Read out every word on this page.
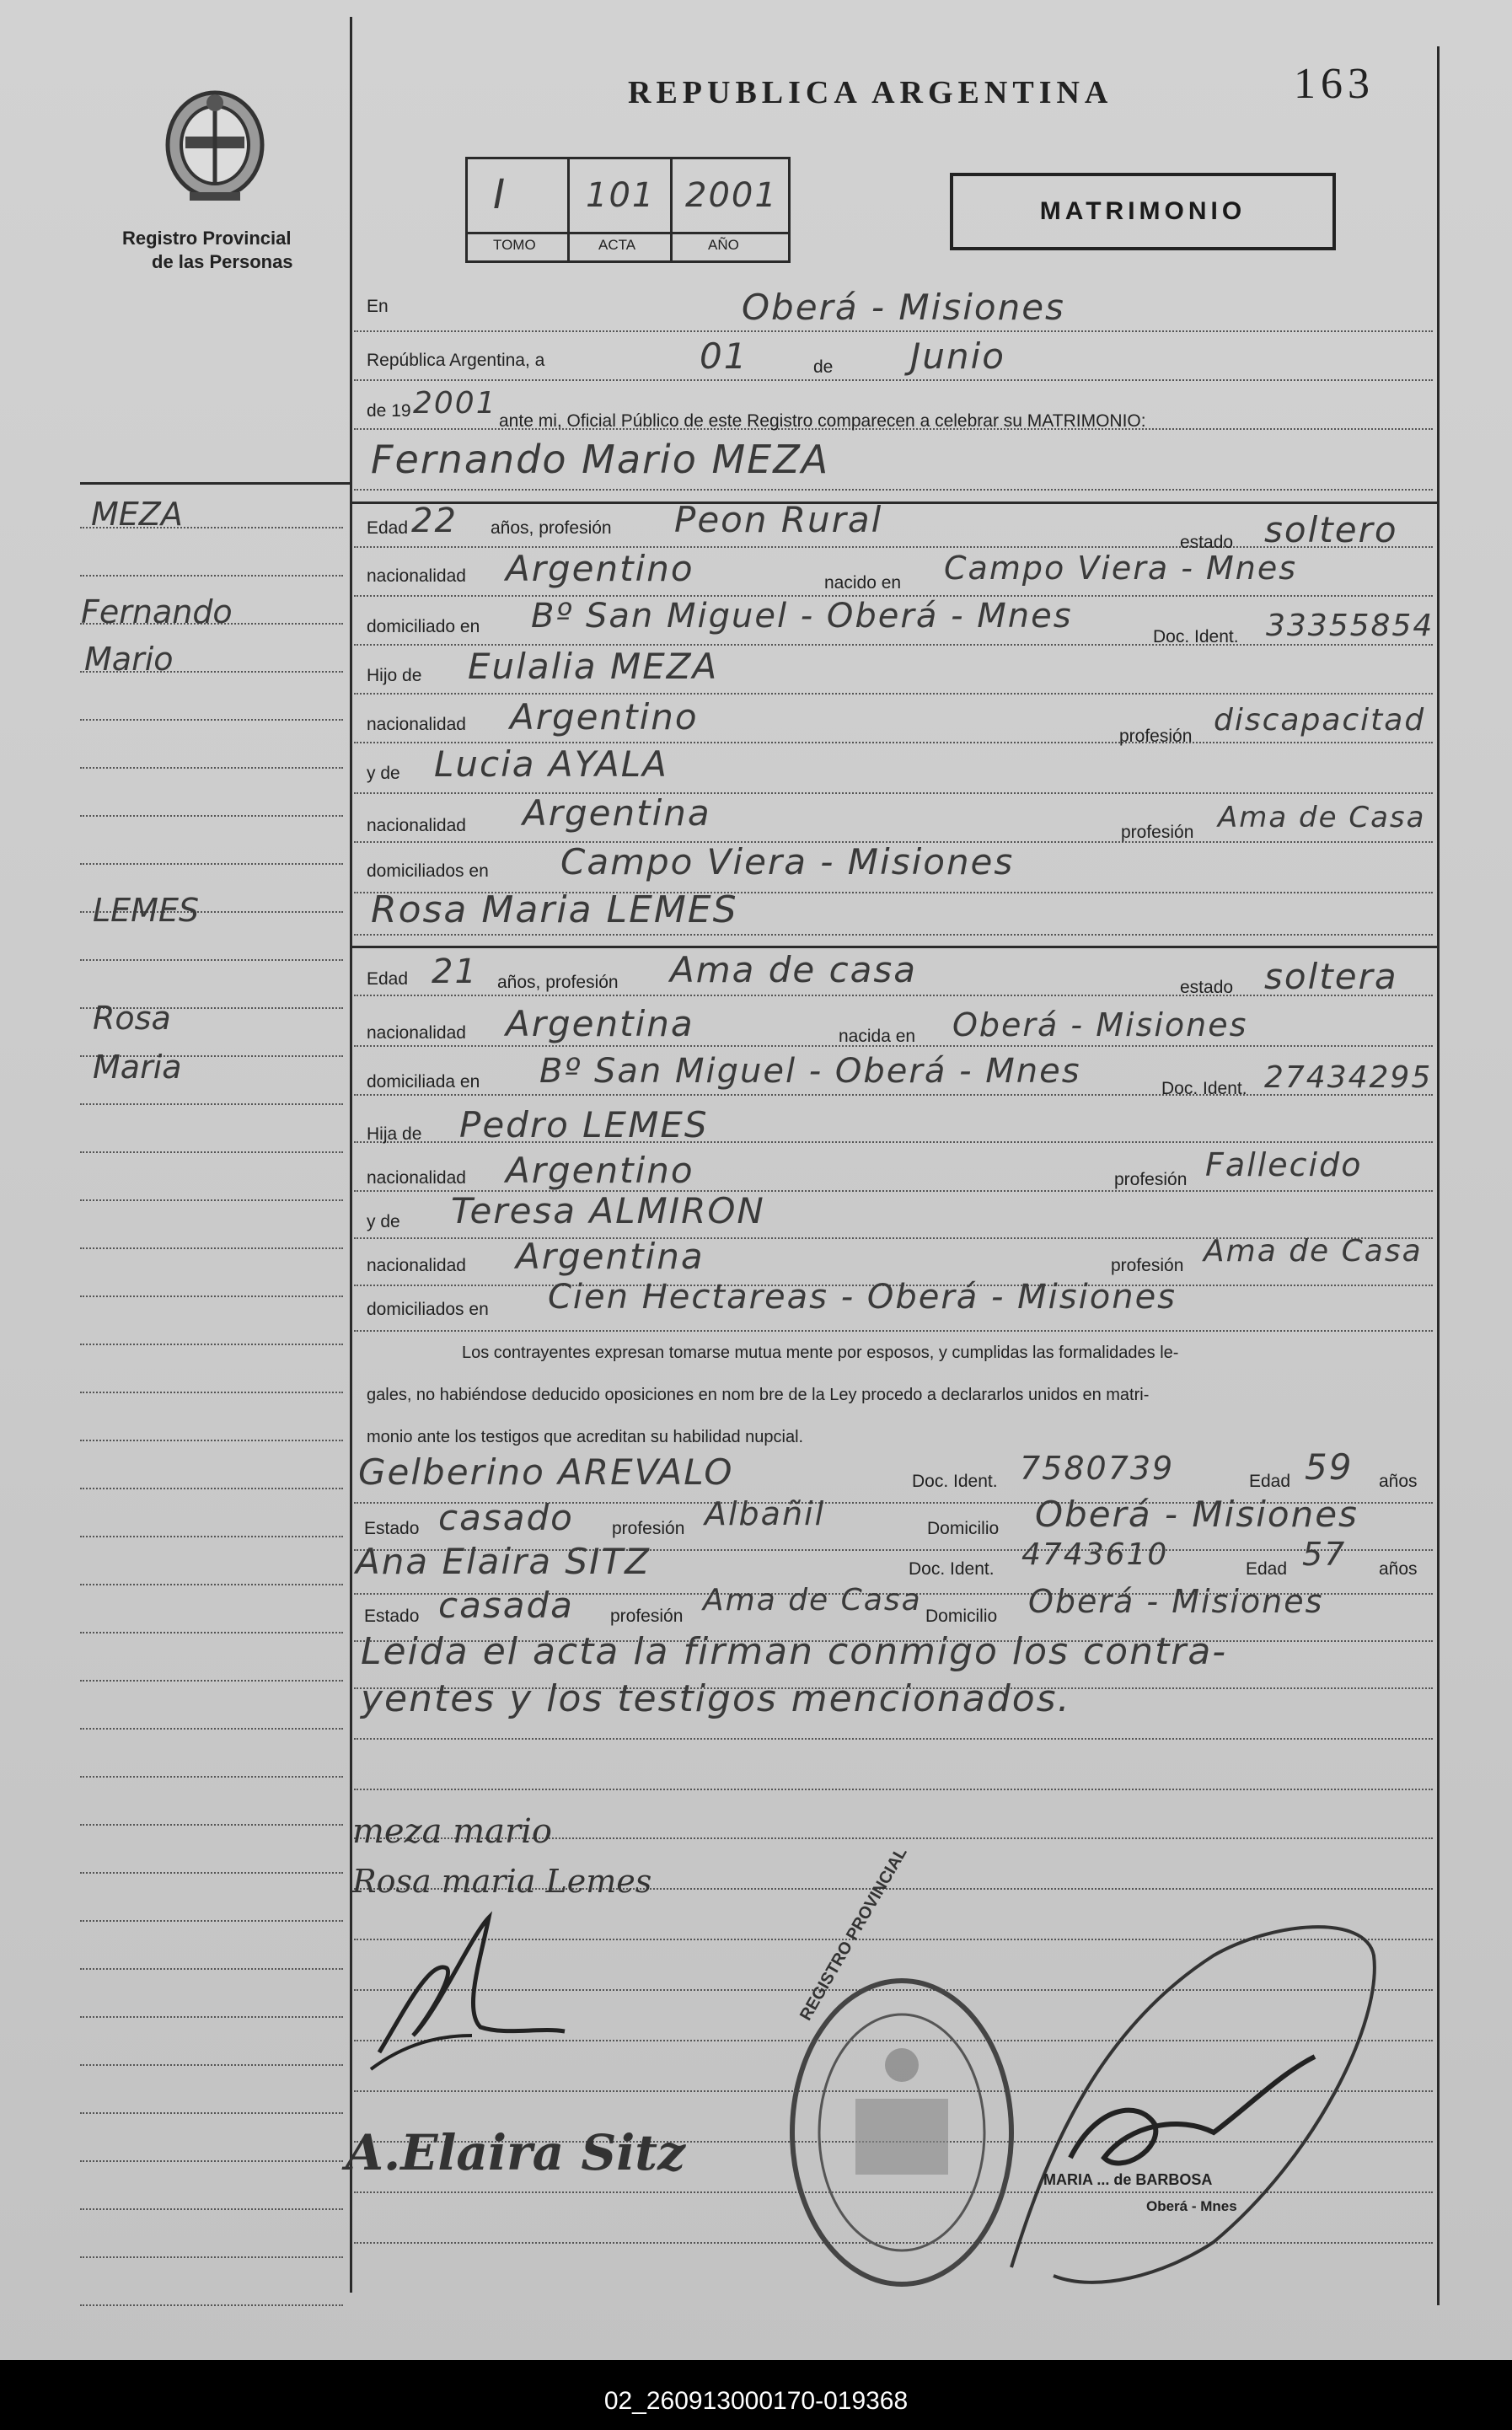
REPUBLICA ARGENTINA	163
Registro Provincial
de las Personas
I 101 2001
TOMO	ACTA	AÑO
MATRIMONIO
En	Oberá - Misiones
República Argentina, a	01	de Junio
de 19 2001
ante mi, Oficial Público de este Registro comparecen a celebrar su MATRIMONIO:
Fernando Mario MEZA
Edad 22 años, profesión Peon Rural
estado soltero
nacionalidad Argentino	nacido en Campo Viera - Mnes
domiciliado en Bº San Miguel - Oberá - Mnes
Doc. Ident. 33355854
Hijo de Eulalia MEZA
nacionalidad Argentino	profesión discapacitad
y de Lucia AYALA
nacionalidad Argentina	profesión Ama de Casa
domiciliados en Campo Viera - Misiones
Rosa Maria LEMES
Edad 21 años, profesión Ama de casa	estado soltera
nacionalidad Argentina	nacida en Oberá - Misiones
domiciliada en Bº San Miguel - Oberá - Mnes	Doc. Ident. 27434295
Hija de Pedro LEMES
nacionalidad Argentino	profesión Fallecido
y de Teresa ALMIRON
nacionalidad Argentina	profesión Ama de Casa
domiciliados en Cien Hectareas - Oberá - Misiones
Los contrayentes expresan tomarse mutua mente por esposos, y cumplidas las formalidades le-
gales, no habiéndose deducido oposiciones en nom bre de la Ley procedo a declararlos unidos en matri-
monio ante los testigos que acreditan su habilidad nupcial.
Gelberino AREVALO	Doc. Ident. 7580739	Edad 59 años
Estado casado profesión Albañil	Domicilio Oberá - Misiones
Ana Elaira SITZ	Doc. Ident. 4743610	Edad 57 años
Estado casada profesión Ama de Casa Domicilio Oberá - Misiones
Leida el acta la firman conmigo los contra-
yentes y los testigos mencionados.
MEZA
Fernando
Mario
LEMES
Rosa
Maria
meza mario
Rosa maria Lemes
A.Elaira Sitz
REGISTRO PROVINCIAL
MARIA ... de BARBOSA
Oberá - Mnes
02_260913000170-019368
